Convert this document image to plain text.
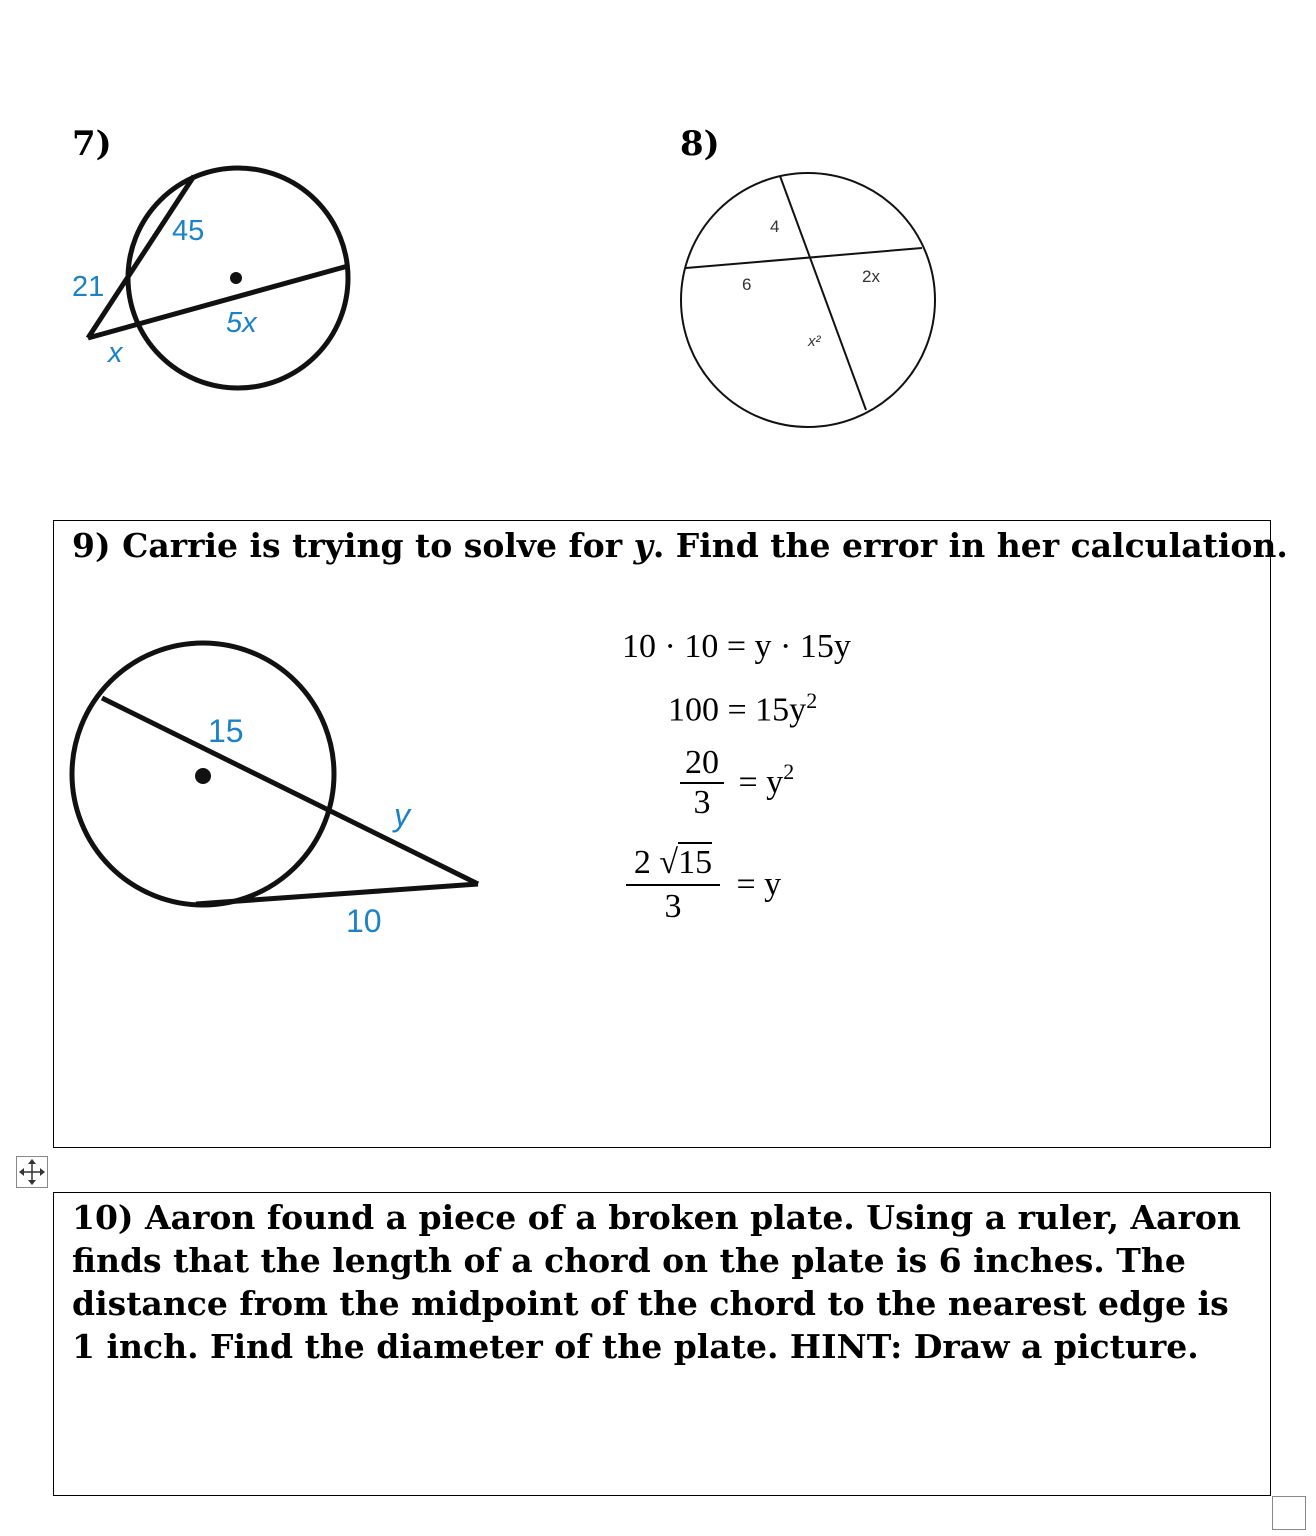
7)
45
21
5x
x
8)
4
6	2x
x²
9) Carrie is trying to solve for y. Find the error in her calculation.
15
y
10
10 · 10 = y · 15y
$100 = 15y^2$
$\frac{20}{3} = y^2$
$\frac{2 √15}{3} = y$
10) Aaron found a piece of a broken plate. Using a ruler, Aaron finds that the length of a chord on the plate is 6 inches. The distance from the midpoint of the chord to the nearest edge is 1 inch. Find the diameter of the plate. HINT: Draw a picture.
